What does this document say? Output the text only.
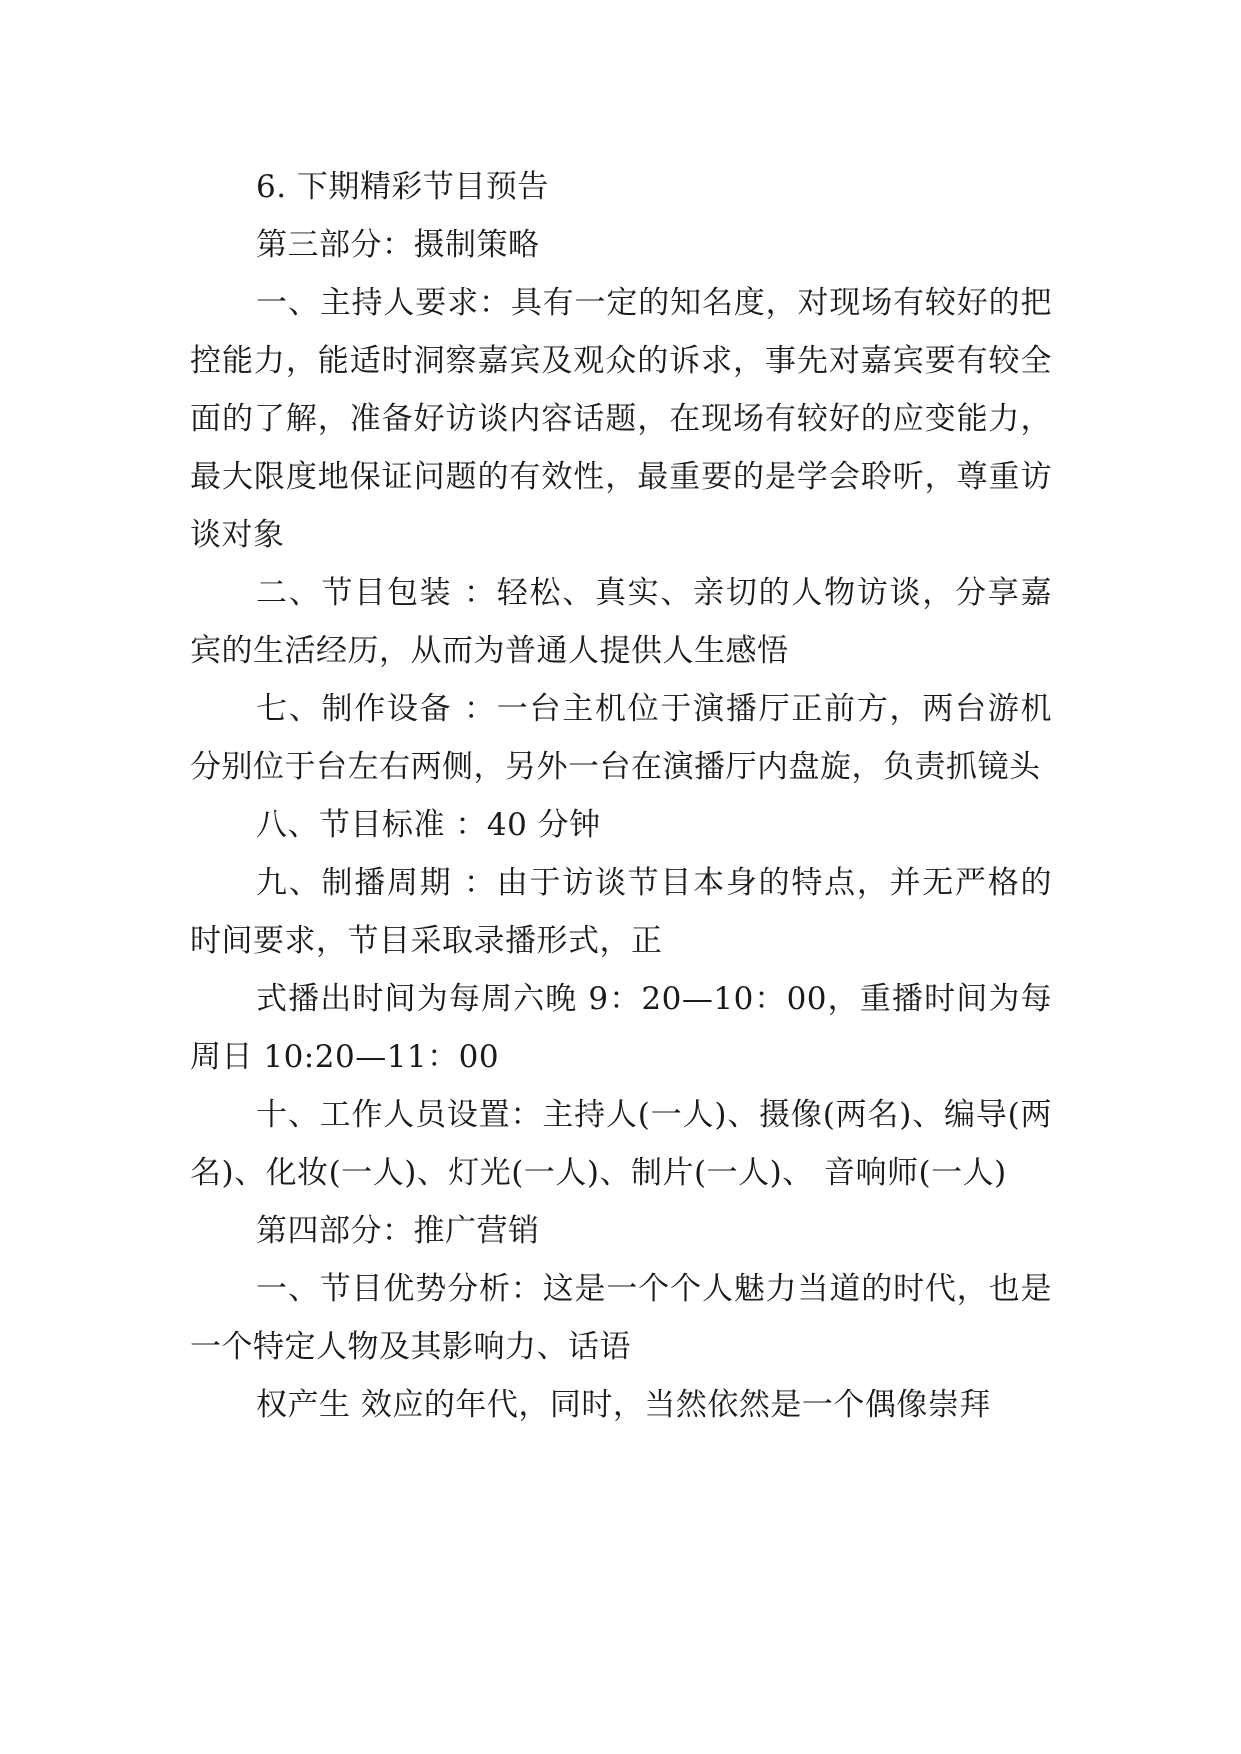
6. 下期精彩节目预告

第三部分：摄制策略

一、主持人要求：具有一定的知名度，对现场有较好的把控能力，能适时洞察嘉宾及观众的诉求，事先对嘉宾要有较全面的了解，准备好访谈内容话题，在现场有较好的应变能力，最大限度地保证问题的有效性，最重要的是学会聆听，尊重访谈对象

二、节目包装 ：轻松、真实、亲切的人物访谈，分享嘉宾的生活经历，从而为普通人提供人生感悟

七、制作设备 ：一台主机位于演播厅正前方，两台游机分别位于台左右两侧，另外一台在演播厅内盘旋，负责抓镜头

八、节目标准 ：40 分钟

九、制播周期 ：由于访谈节目本身的特点，并无严格的时间要求，节目采取录播形式，正

式播出时间为每周六晚 9：20—10：00，重播时间为每周日 10:20—11：00

十、工作人员设置：主持人(一人)、摄像(两名)、编导(两名)、化妆(一人)、灯光(一人)、制片(一人)、 音响师(一人)

第四部分：推广营销

一、节目优势分析：这是一个个人魅力当道的时代，也是一个特定人物及其影响力、话语

权产生 效应的年代，同时，当然依然是一个偶像崇拜
